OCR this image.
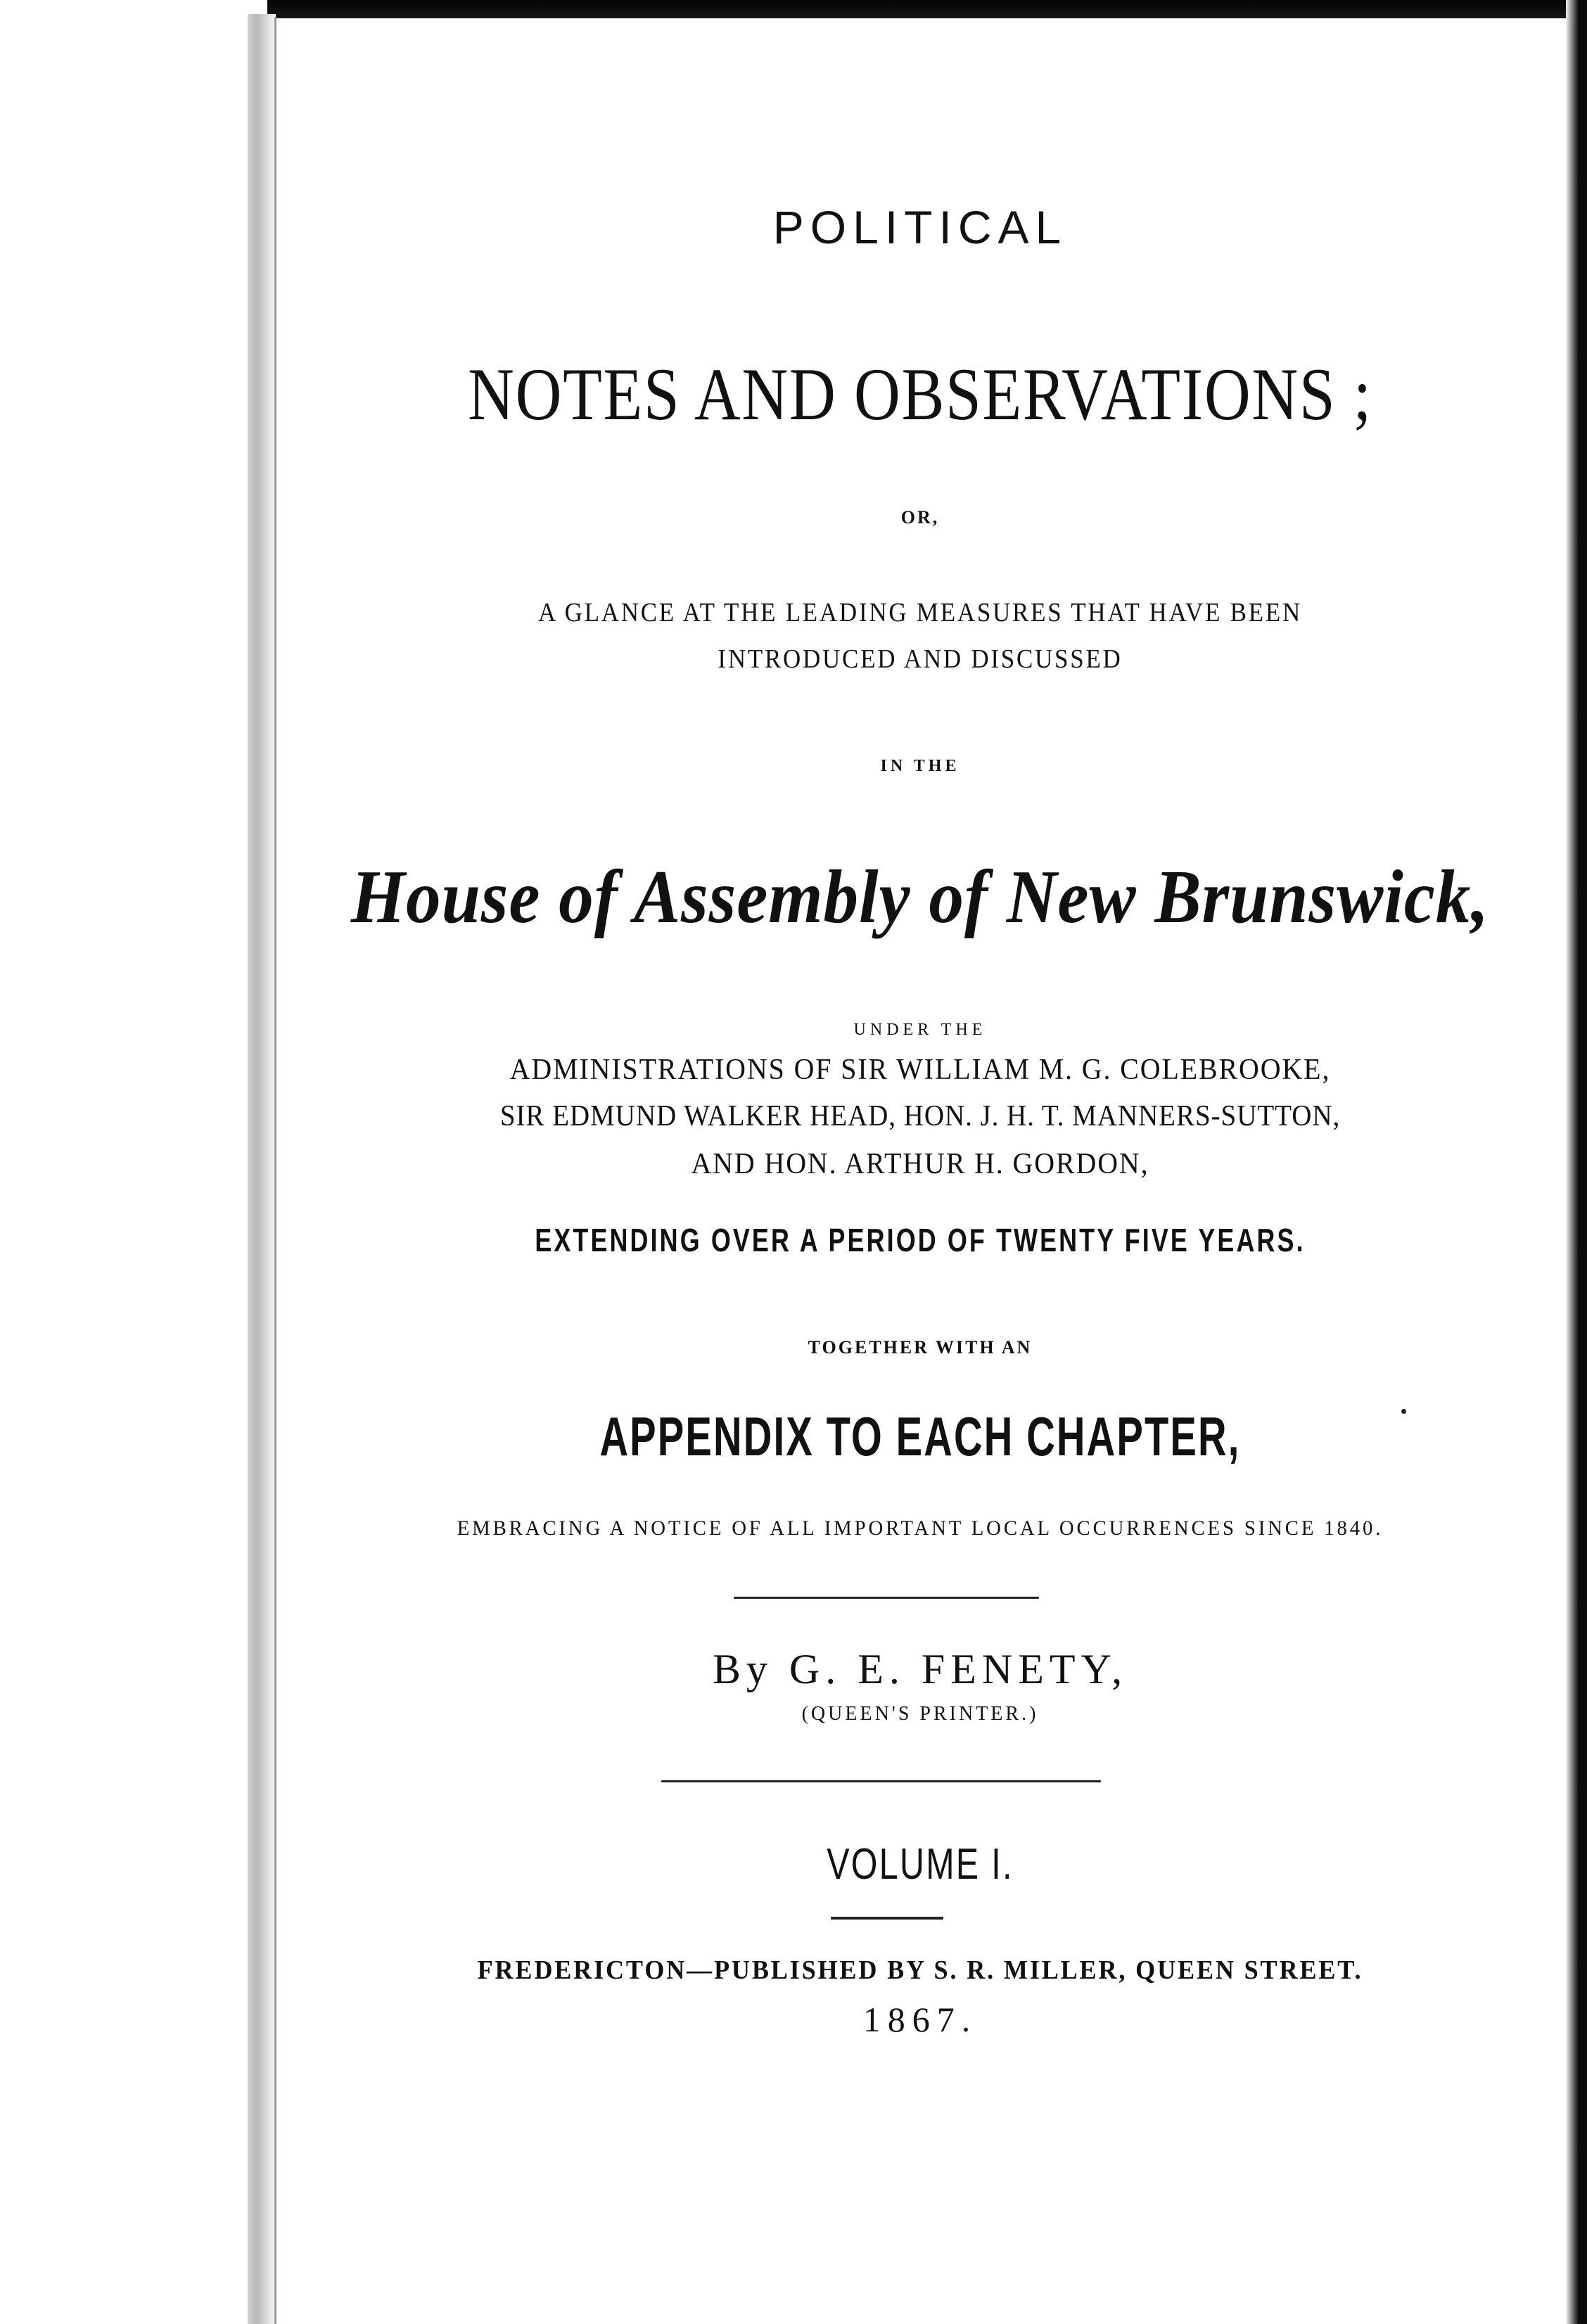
POLITICAL
NOTES AND OBSERVATIONS ;
OR,
A GLANCE AT THE LEADING MEASURES THAT HAVE BEEN
INTRODUCED AND DISCUSSED
IN THE
House of Assembly of New Brunswick,
UNDER THE
ADMINISTRATIONS OF SIR WILLIAM M. G. COLEBROOKE,
SIR EDMUND WALKER HEAD, HON. J. H. T. MANNERS-SUTTON,
AND HON. ARTHUR H. GORDON,
EXTENDING OVER A PERIOD OF TWENTY FIVE YEARS.
TOGETHER WITH AN
APPENDIX TO EACH CHAPTER,
EMBRACING A NOTICE OF ALL IMPORTANT LOCAL OCCURRENCES SINCE 1840.
By G. E. FENETY,
(QUEEN'S PRINTER.)
VOLUME I.
FREDERICTON—PUBLISHED BY S. R. MILLER, QUEEN STREET.
1867.
